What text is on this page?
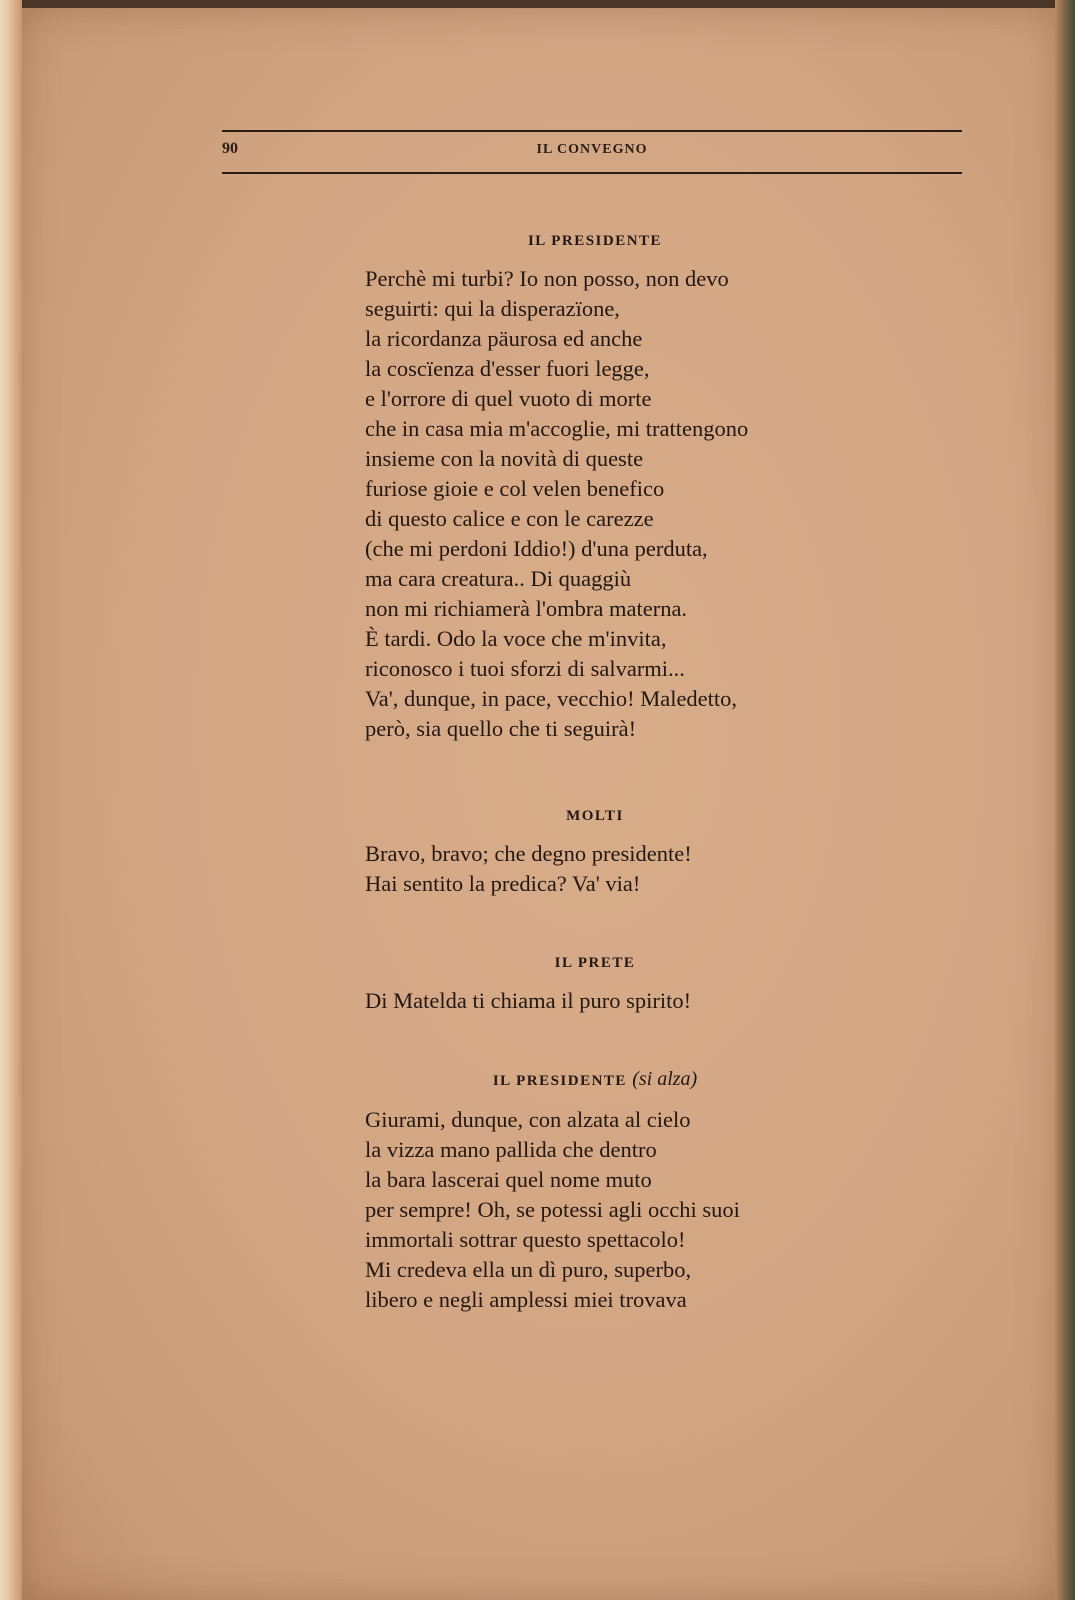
90	IL CONVEGNO
IL PRESIDENTE
Perchè mi turbi? Io non posso, non devo
seguirti: qui la disperazïone,
la ricordanza päurosa ed anche
la coscïenza d'esser fuori legge,
e l'orrore di quel vuoto di morte
che in casa mia m'accoglie, mi trattengono
insieme con la novità di queste
furiose gioie e col velen benefico
di questo calice e con le carezze
(che mi perdoni Iddio!) d'una perduta,
ma cara creatura.. Di quaggiù
non mi richiamerà l'ombra materna.
È tardi. Odo la voce che m'invita,
riconosco i tuoi sforzi di salvarmi...
Va', dunque, in pace, vecchio! Maledetto,
però, sia quello che ti seguirà!
MOLTI
Bravo, bravo; che degno presidente!
Hai sentito la predica? Va' via!
IL PRETE
Di Matelda ti chiama il puro spirito!
IL PRESIDENTE (si alza)
Giurami, dunque, con alzata al cielo
la vizza mano pallida che dentro
la bara lascerai quel nome muto
per sempre! Oh, se potessi agli occhi suoi
immortali sottrar questo spettacolo!
Mi credeva ella un dì puro, superbo,
libero e negli amplessi miei trovava
